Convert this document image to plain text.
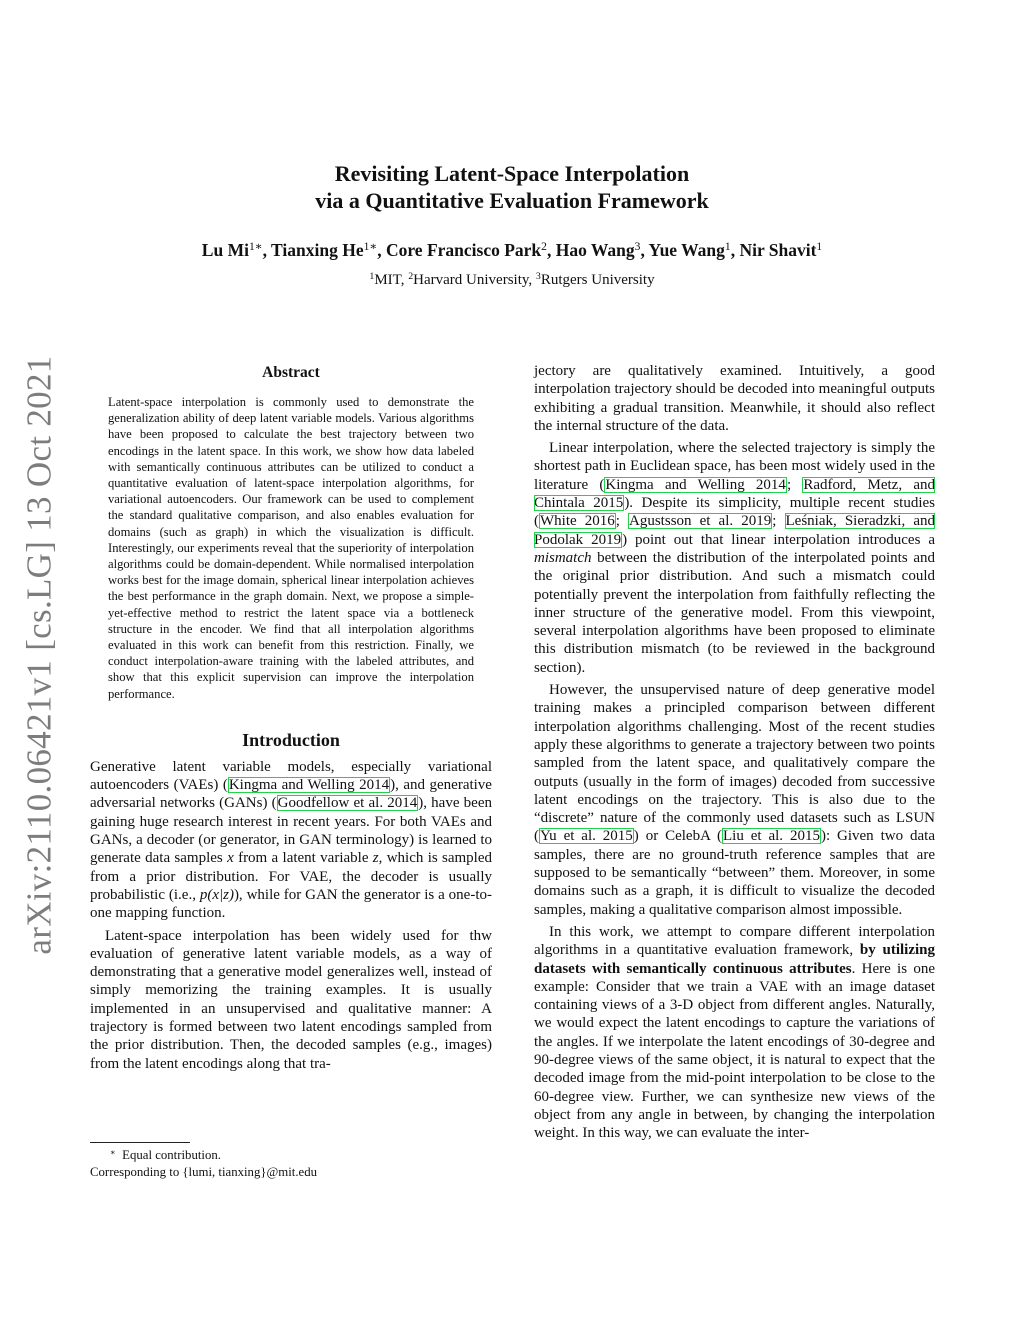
arXiv:2110.06421v1 [cs.LG] 13 Oct 2021
Revisiting Latent-Space Interpolation
via a Quantitative Evaluation Framework
Lu $Mi^{1∗}$, Tianxing $He^{1∗}$, Core Francisco Park$^2$, Hao Wang$^3$, Yue Wang$^1$, Nir Shavit$^1$
$^1$MIT, $^2$Harvard University, $^3$Rutgers University
Abstract
Latent-space interpolation is commonly used to demonstrate the generalization ability of deep latent variable models. Various algorithms have been proposed to calculate the best trajectory between two encodings in the latent space. In this work, we show how data labeled with semantically continuous attributes can be utilized to conduct a quantitative evaluation of latent-space interpolation algorithms, for variational autoencoders. Our framework can be used to complement the standard qualitative comparison, and also enables evaluation for domains (such as graph) in which the visualization is difficult. Interestingly, our experiments reveal that the superiority of interpolation algorithms could be domain-dependent. While normalised interpolation works best for the image domain, spherical linear interpolation achieves the best performance in the graph domain. Next, we propose a simple-yet-effective method to restrict the latent space via a bottleneck structure in the encoder. We find that all interpolation algorithms evaluated in this work can benefit from this restriction. Finally, we conduct interpolation-aware training with the labeled attributes, and show that this explicit supervision can improve the interpolation performance.
Introduction

Generative latent variable models, especially variational autoencoders (VAEs) (Kingma and Welling 2014), and generative adversarial networks (GANs) (Goodfellow et al. 2014), have been gaining huge research interest in recent years. For both VAEs and GANs, a decoder (or generator, in GAN terminology) is learned to generate data samples x from a latent variable z, which is sampled from a prior distribution. For VAE, the decoder is usually probabilistic (i.e., p(x|z)), while for GAN the generator is a one-to-one mapping function.

Latent-space interpolation has been widely used for thw evaluation of generative latent variable models, as a way of demonstrating that a generative model generalizes well, instead of simply memorizing the training examples. It is usually implemented in an unsupervised and qualitative manner: A trajectory is formed between two latent encodings sampled from the prior distribution. Then, the decoded samples (e.g., images) from the latent encodings along that tra-

∗ Equal contribution.
Corresponding to {lumi, tianxing}@mit.edu

jectory are qualitatively examined. Intuitively, a good interpolation trajectory should be decoded into meaningful outputs exhibiting a gradual transition. Meanwhile, it should also reflect the internal structure of the data.

Linear interpolation, where the selected trajectory is simply the shortest path in Euclidean space, has been most widely used in the literature (Kingma and Welling 2014; Radford, Metz, and Chintala 2015). Despite its simplicity, multiple recent studies (White 2016; Agustsson et al. 2019; Leśniak, Sieradzki, and Podolak 2019) point out that linear interpolation introduces a mismatch between the distribution of the interpolated points and the original prior distribution. And such a mismatch could potentially prevent the interpolation from faithfully reflecting the inner structure of the generative model. From this viewpoint, several interpolation algorithms have been proposed to eliminate this distribution mismatch (to be reviewed in the background section).

However, the unsupervised nature of deep generative model training makes a principled comparison between different interpolation algorithms challenging. Most of the recent studies apply these algorithms to generate a trajectory between two points sampled from the latent space, and qualitatively compare the outputs (usually in the form of images) decoded from successive latent encodings on the trajectory. This is also due to the “discrete” nature of the commonly used datasets such as LSUN (Yu et al. 2015) or CelebA (Liu et al. 2015): Given two data samples, there are no ground-truth reference samples that are supposed to be semantically “between” them. Moreover, in some domains such as a graph, it is difficult to visualize the decoded samples, making a qualitative comparison almost impossible.

In this work, we attempt to compare different interpolation algorithms in a quantitative evaluation framework, by utilizing datasets with semantically continuous attributes. Here is one example: Consider that we train a VAE with an image dataset containing views of a 3-D object from different angles. Naturally, we would expect the latent encodings to capture the variations of the angles. If we interpolate the latent encodings of 30-degree and 90-degree views of the same object, it is natural to expect that the decoded image from the mid-point interpolation to be close to the 60-degree view. Further, we can synthesize new views of the object from any angle in between, by changing the interpolation weight. In this way, we can evaluate the inter-
